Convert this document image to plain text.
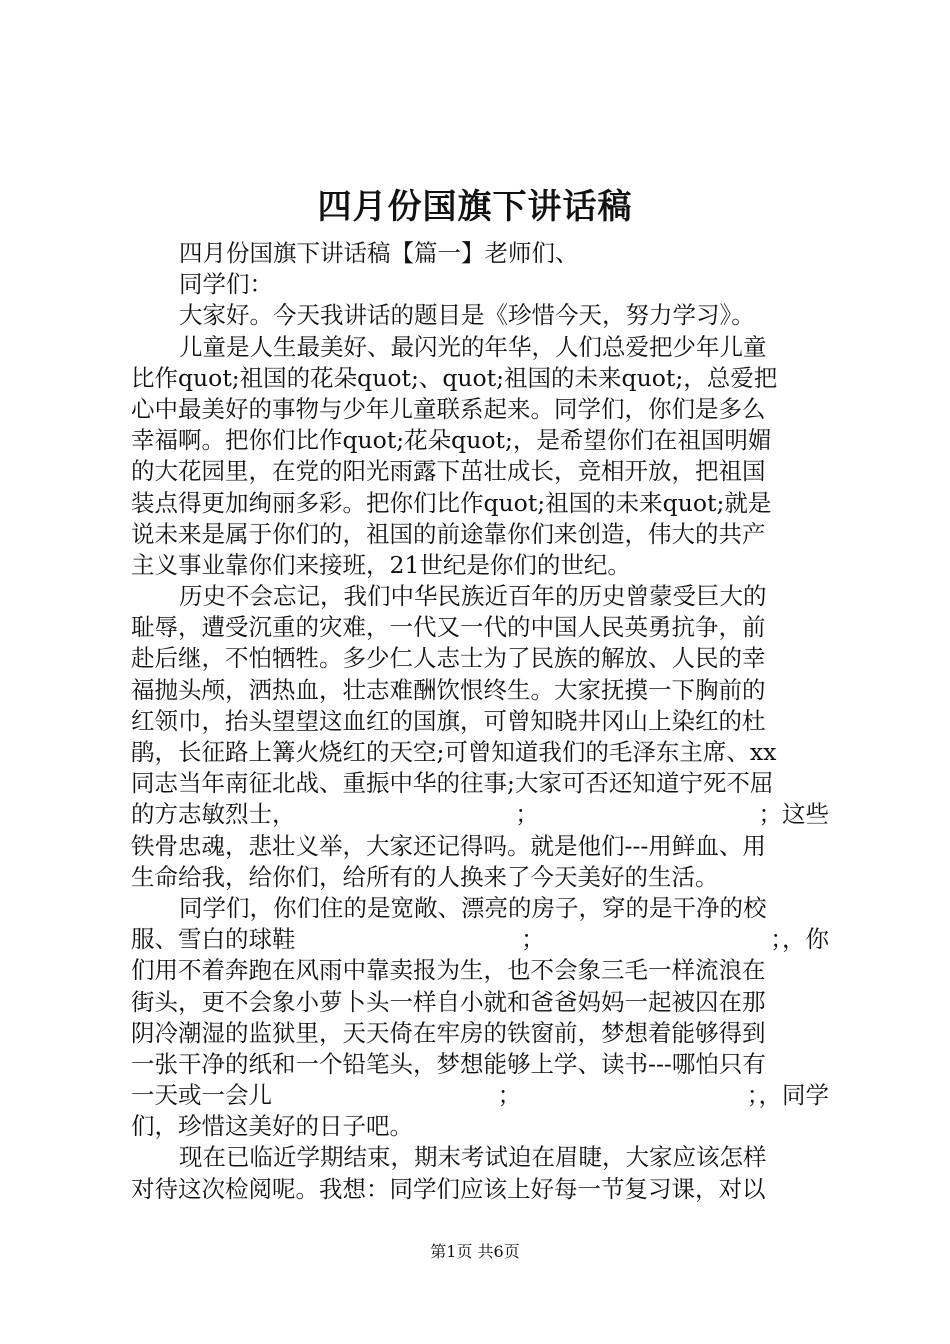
四月份国旗下讲话稿
四月份国旗下讲话稿【篇一】老师们、
同学们：
大家好。今天我讲话的题目是《珍惜今天，努力学习》。
儿童是人生最美好、最闪光的年华，人们总爱把少年儿童
比作quot;祖国的花朵quot;、quot;祖国的未来quot;，总爱把
心中最美好的事物与少年儿童联系起来。同学们，你们是多么
幸福啊。把你们比作quot;花朵quot;，是希望你们在祖国明媚
的大花园里，在党的阳光雨露下茁壮成长，竞相开放，把祖国
装点得更加绚丽多彩。把你们比作quot;祖国的未来quot;就是
说未来是属于你们的，祖国的前途靠你们来创造，伟大的共产
主义事业靠你们来接班，21世纪是你们的世纪。
历史不会忘记，我们中华民族近百年的历史曾蒙受巨大的
耻辱，遭受沉重的灾难，一代又一代的中国人民英勇抗争，前
赴后继，不怕牺牲。多少仁人志士为了民族的解放、人民的幸
福抛头颅，洒热血，壮志难酬饮恨终生。大家抚摸一下胸前的
红领巾，抬头望望这血红的国旗，可曾知晓井冈山上染红的杜
鹃，长征路上篝火烧红的天空;可曾知道我们的毛泽东主席、xx
同志当年南征北战、重振中华的往事;大家可否还知道宁死不屈
的方志敏烈士，	；	；这些
铁骨忠魂，悲壮义举，大家还记得吗。就是他们---用鲜血、用
生命给我，给你们，给所有的人换来了今天美好的生活。
同学们，你们住的是宽敞、漂亮的房子，穿的是干净的校
服、雪白的球鞋	；	；，你
们用不着奔跑在风雨中靠卖报为生，也不会象三毛一样流浪在
街头，更不会象小萝卜头一样自小就和爸爸妈妈一起被囚在那
阴冷潮湿的监狱里，天天倚在牢房的铁窗前，梦想着能够得到
一张干净的纸和一个铅笔头，梦想能够上学、读书---哪怕只有
一天或一会儿	；	；，同学
们，珍惜这美好的日子吧。
现在已临近学期结束，期末考试迫在眉睫，大家应该怎样
对待这次检阅呢。我想：同学们应该上好每一节复习课，对以
第1页 共6页
